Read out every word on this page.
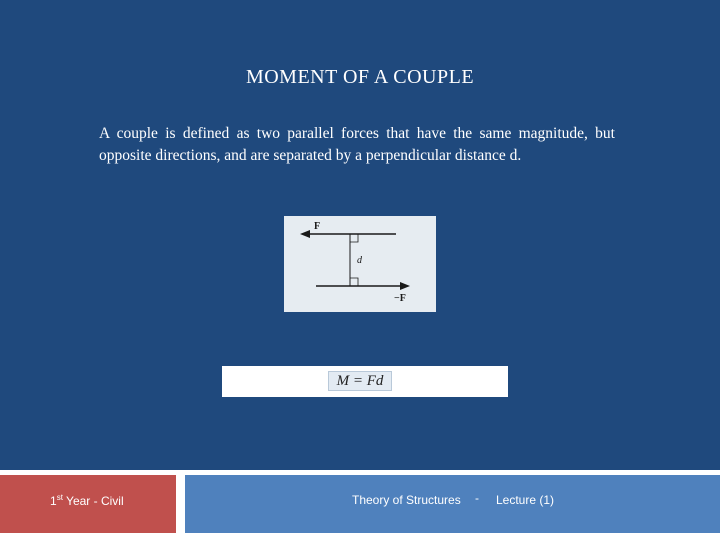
MOMENT OF A COUPLE
A couple is defined as two parallel forces that have the same magnitude, but opposite directions, and are separated by a perpendicular distance d.
F
d
−F
M = Fd
1st Year - Civil	Theory of Structures - Lecture (1)
